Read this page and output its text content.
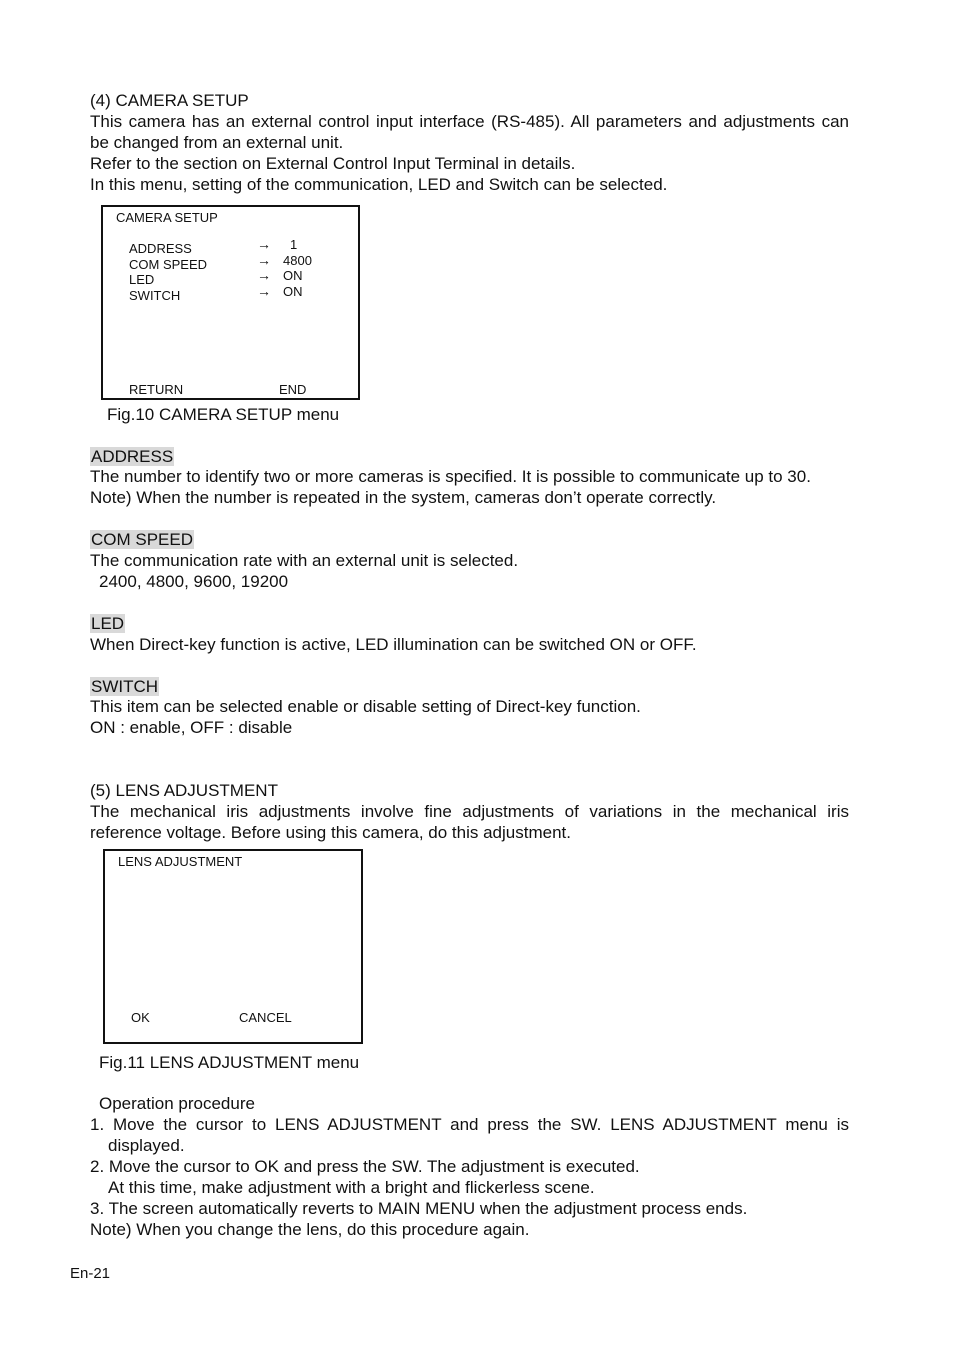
(4) CAMERA SETUP
This camera has an external control input interface (RS-485). All parameters and adjustments can
be changed from an external unit.
Refer to the section on External Control Input Terminal in details.
In this menu, setting of the communication, LED and Switch can be selected.
CAMERA SETUP
ADDRESS
COM SPEED
LED
SWITCH
→
→
→
→
1
4800
ON
ON
RETURN	END
Fig.10 CAMERA SETUP menu
ADDRESS
The number to identify two or more cameras is specified. It is possible to communicate up to 30.
Note) When the number is repeated in the system, cameras don’t operate correctly.
COM SPEED
The communication rate with an external unit is selected.
2400, 4800, 9600, 19200
LED
When Direct-key function is active, LED illumination can be switched ON or OFF.
SWITCH
This item can be selected enable or disable setting of Direct-key function.
ON : enable, OFF : disable
(5) LENS ADJUSTMENT
The mechanical iris adjustments involve fine adjustments of variations in the mechanical iris
reference voltage. Before using this camera, do this adjustment.
LENS ADJUSTMENT
OK	CANCEL
Fig.11 LENS ADJUSTMENT menu
Operation procedure
1. Move the cursor to LENS ADJUSTMENT and press the SW. LENS ADJUSTMENT menu is
displayed.
2. Move the cursor to OK and press the SW. The adjustment is executed.
At this time, make adjustment with a bright and flickerless scene.
3. The screen automatically reverts to MAIN MENU when the adjustment process ends.
Note) When you change the lens, do this procedure again.
En-21
